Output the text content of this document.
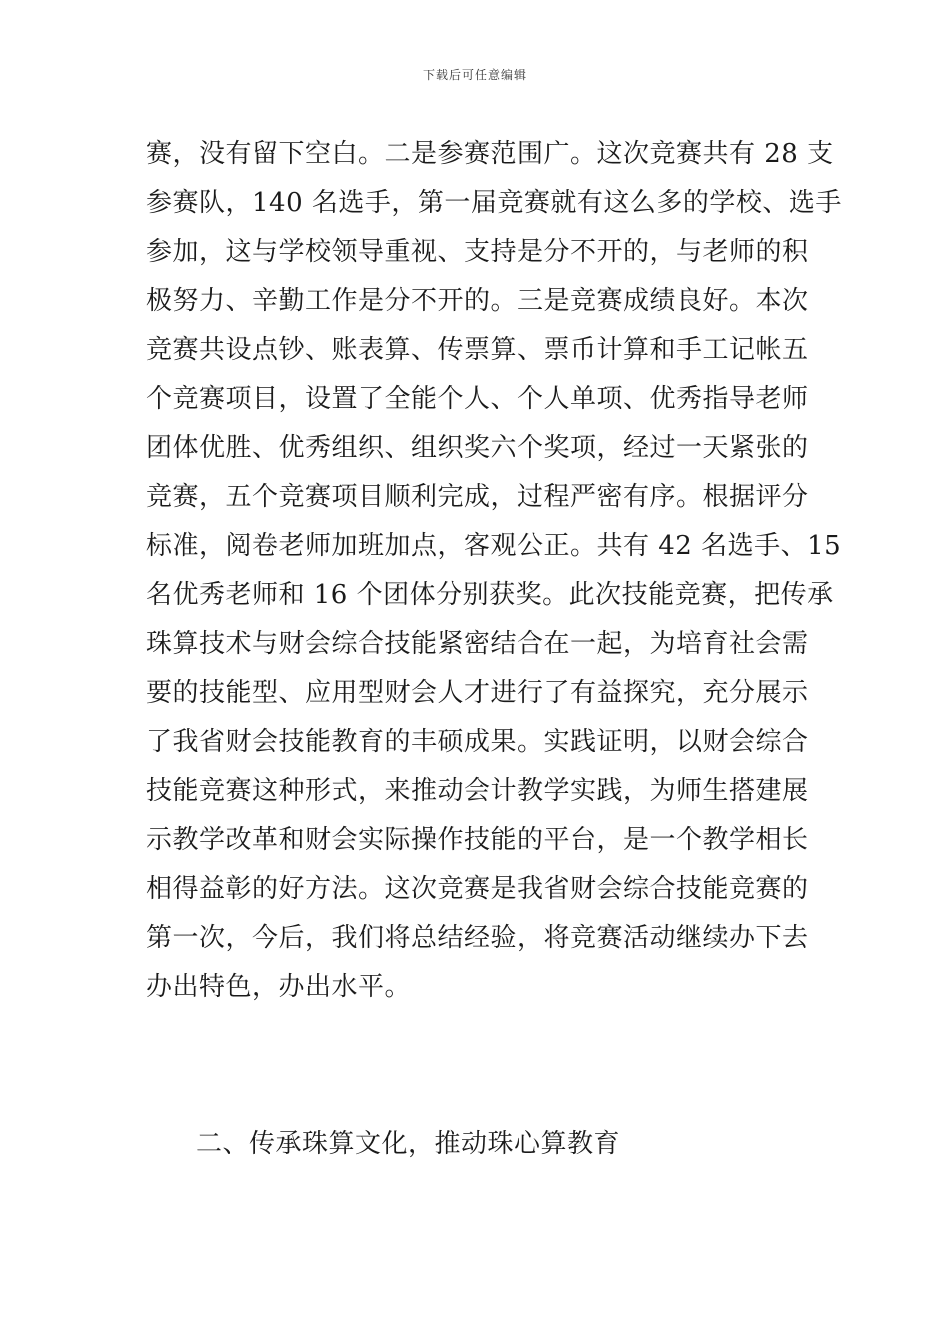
下载后可任意编辑
赛，没有留下空白。二是参赛范围广。这次竞赛共有 28 支
参赛队，140 名选手，第一届竞赛就有这么多的学校、选手
参加，这与学校领导重视、支持是分不开的，与老师的积
极努力、辛勤工作是分不开的。三是竞赛成绩良好。本次
竞赛共设点钞、账表算、传票算、票币计算和手工记帐五
个竞赛项目，设置了全能个人、个人单项、优秀指导老师
团体优胜、优秀组织、组织奖六个奖项，经过一天紧张的
竞赛，五个竞赛项目顺利完成，过程严密有序。根据评分
标准，阅卷老师加班加点，客观公正。共有 42 名选手、15
名优秀老师和 16 个团体分别获奖。此次技能竞赛，把传承
珠算技术与财会综合技能紧密结合在一起，为培育社会需
要的技能型、应用型财会人才进行了有益探究，充分展示
了我省财会技能教育的丰硕成果。实践证明，以财会综合
技能竞赛这种形式，来推动会计教学实践，为师生搭建展
示教学改革和财会实际操作技能的平台，是一个教学相长
相得益彰的好方法。这次竞赛是我省财会综合技能竞赛的
第一次，今后，我们将总结经验，将竞赛活动继续办下去
办出特色，办出水平。
二、传承珠算文化，推动珠心算教育
